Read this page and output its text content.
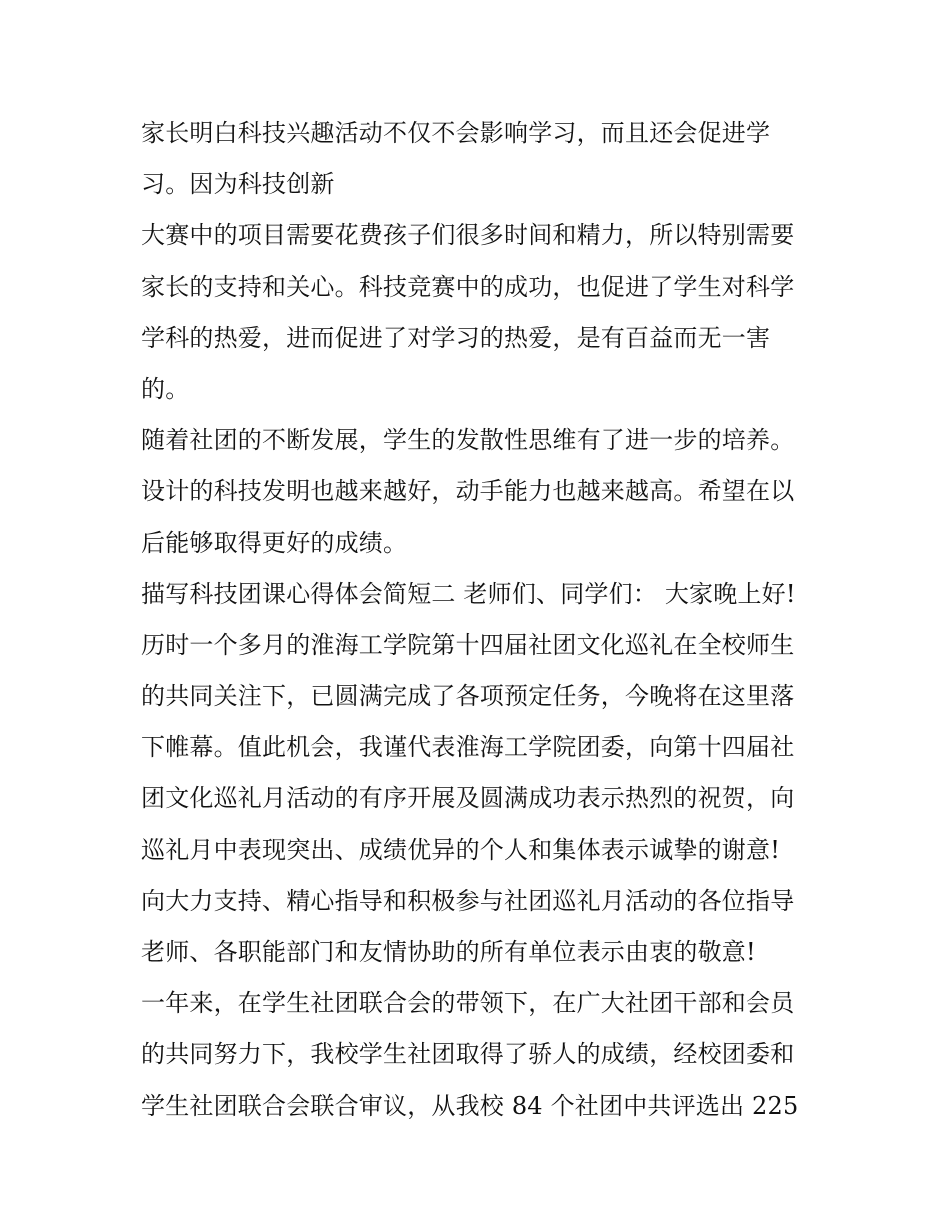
家长明白科技兴趣活动不仅不会影响学习，而且还会促进学
习。因为科技创新
大赛中的项目需要花费孩子们很多时间和精力，所以特别需要
家长的支持和关心。科技竞赛中的成功，也促进了学生对科学
学科的热爱，进而促进了对学习的热爱，是有百益而无一害
的。
随着社团的不断发展，学生的发散性思维有了进一步的培养。
设计的科技发明也越来越好，动手能力也越来越高。希望在以
后能够取得更好的成绩。
描写科技团课心得体会简短二 老师们、同学们： 大家晚上好!
历时一个多月的淮海工学院第十四届社团文化巡礼在全校师生
的共同关注下，已圆满完成了各项预定任务，今晚将在这里落
下帷幕。值此机会，我谨代表淮海工学院团委，向第十四届社
团文化巡礼月活动的有序开展及圆满成功表示热烈的祝贺，向
巡礼月中表现突出、成绩优异的个人和集体表示诚挚的谢意!
向大力支持、精心指导和积极参与社团巡礼月活动的各位指导
老师、各职能部门和友情协助的所有单位表示由衷的敬意!
一年来，在学生社团联合会的带领下，在广大社团干部和会员
的共同努力下，我校学生社团取得了骄人的成绩，经校团委和
学生社团联合会联合审议，从我校 84 个社团中共评选出 225
